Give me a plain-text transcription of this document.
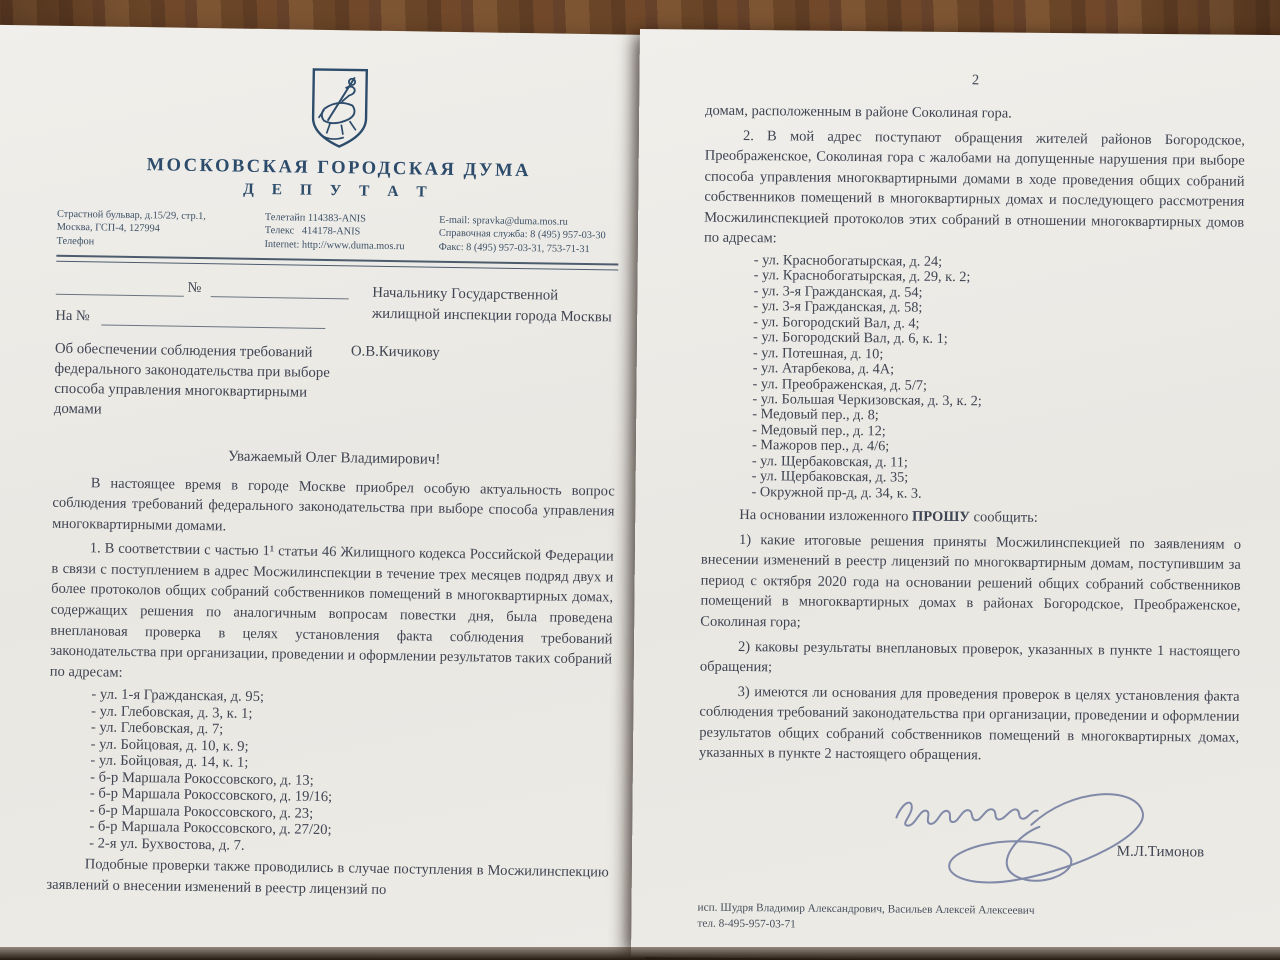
МОСКОВСКАЯ ГОРОДСКАЯ ДУМА
Д Е П У Т А Т
Страстной бульвар, д.15/29, стр.1,
Москва, ГСП-4, 127994
Телефон
Телетайп 114383-ANIS
Телекс   414178-ANIS
Internet: http://www.duma.mos.ru
E-mail: spravka@duma.mos.ru
Справочная служба: 8 (495) 957-03-30
Факс: 8 (495) 957-03-31, 753-71-31
№
На №
Начальнику Государственной жилищной инспекции города Москвы
Об обеспечении соблюдения требований федерального законодательства при выборе способа управления многоквартирными домами
О.В.Кичикову
Уважаемый Олег Владимирович!

В настоящее время в городе Москве приобрел особую актуальность вопрос соблюдения требований федерального законодательства при выборе способа управления многоквартирными домами.

1. В соответствии с частью 1¹ статьи 46 Жилищного кодекса Российской Федерации в связи с поступлением в адрес Мосжилинспекции в течение трех месяцев подряд двух и более протоколов общих собраний собственников помещений в многоквартирных домах, содержащих решения по аналогичным вопросам повестки дня, была проведена внеплановая проверка в целях установления факта соблюдения требований законодательства при организации, проведении и оформлении результатов таких собраний по адресам:

- ул. 1-я Гражданская, д. 95;
- ул. Глебовская, д. 3, к. 1;
- ул. Глебовская, д. 7;
- ул. Бойцовая, д. 10, к. 9;
- ул. Бойцовая, д. 14, к. 1;
- б-р Маршала Рокоссовского, д. 13;
- б-р Маршала Рокоссовского, д. 19/16;
- б-р Маршала Рокоссовского, д. 23;
- б-р Маршала Рокоссовского, д. 27/20;
- 2-я ул. Бухвостова, д. 7.

Подобные проверки также проводились в случае поступления в Мосжилинспекцию заявлений о внесении изменений в реестр лицензий по

2

домам, расположенным в районе Соколиная гора.

2. В мой адрес поступают обращения жителей районов Богородское, Преображенское, Соколиная гора с жалобами на допущенные нарушения при выборе способа управления многоквартирными домами в ходе проведения общих собраний собственников помещений в многоквартирных домах и последующего рассмотрения Мосжилинспекцией протоколов этих собраний в отношении многоквартирных домов по адресам:

- ул. Краснобогатырская, д. 24;
- ул. Краснобогатырская, д. 29, к. 2;
- ул. 3-я Гражданская, д. 54;
- ул. 3-я Гражданская, д. 58;
- ул. Богородский Вал, д. 4;
- ул. Богородский Вал, д. 6, к. 1;
- ул. Потешная, д. 10;
- ул. Атарбекова, д. 4А;
- ул. Преображенская, д. 5/7;
- ул. Большая Черкизовская, д. 3, к. 2;
- Медовый пер., д. 8;
- Медовый пер., д. 12;
- Мажоров пер., д. 4/6;
- ул. Щербаковская, д. 11;
- ул. Щербаковская, д. 35;
- Окружной пр-д, д. 34, к. 3.

На основании изложенного ПРОШУ сообщить:

1) какие итоговые решения приняты Мосжилинспекцией по заявлениям о внесении изменений в реестр лицензий по многоквартирным домам, поступившим за период с октября 2020 года на основании решений общих собраний собственников помещений в многоквартирных домах в районах Богородское, Преображенское, Соколиная гора;

2) каковы результаты внеплановых проверок, указанных в пункте 1 настоящего обращения;

3) имеются ли основания для проведения проверок в целях установления факта соблюдения требований законодательства при организации, проведении и оформлении результатов общих собраний собственников помещений в многоквартирных домах, указанных в пункте 2 настоящего обращения.

М.Л.Тимонов
исп. Шудря Владимир Александрович, Васильев Алексей Алексеевич
тел. 8-495-957-03-71
